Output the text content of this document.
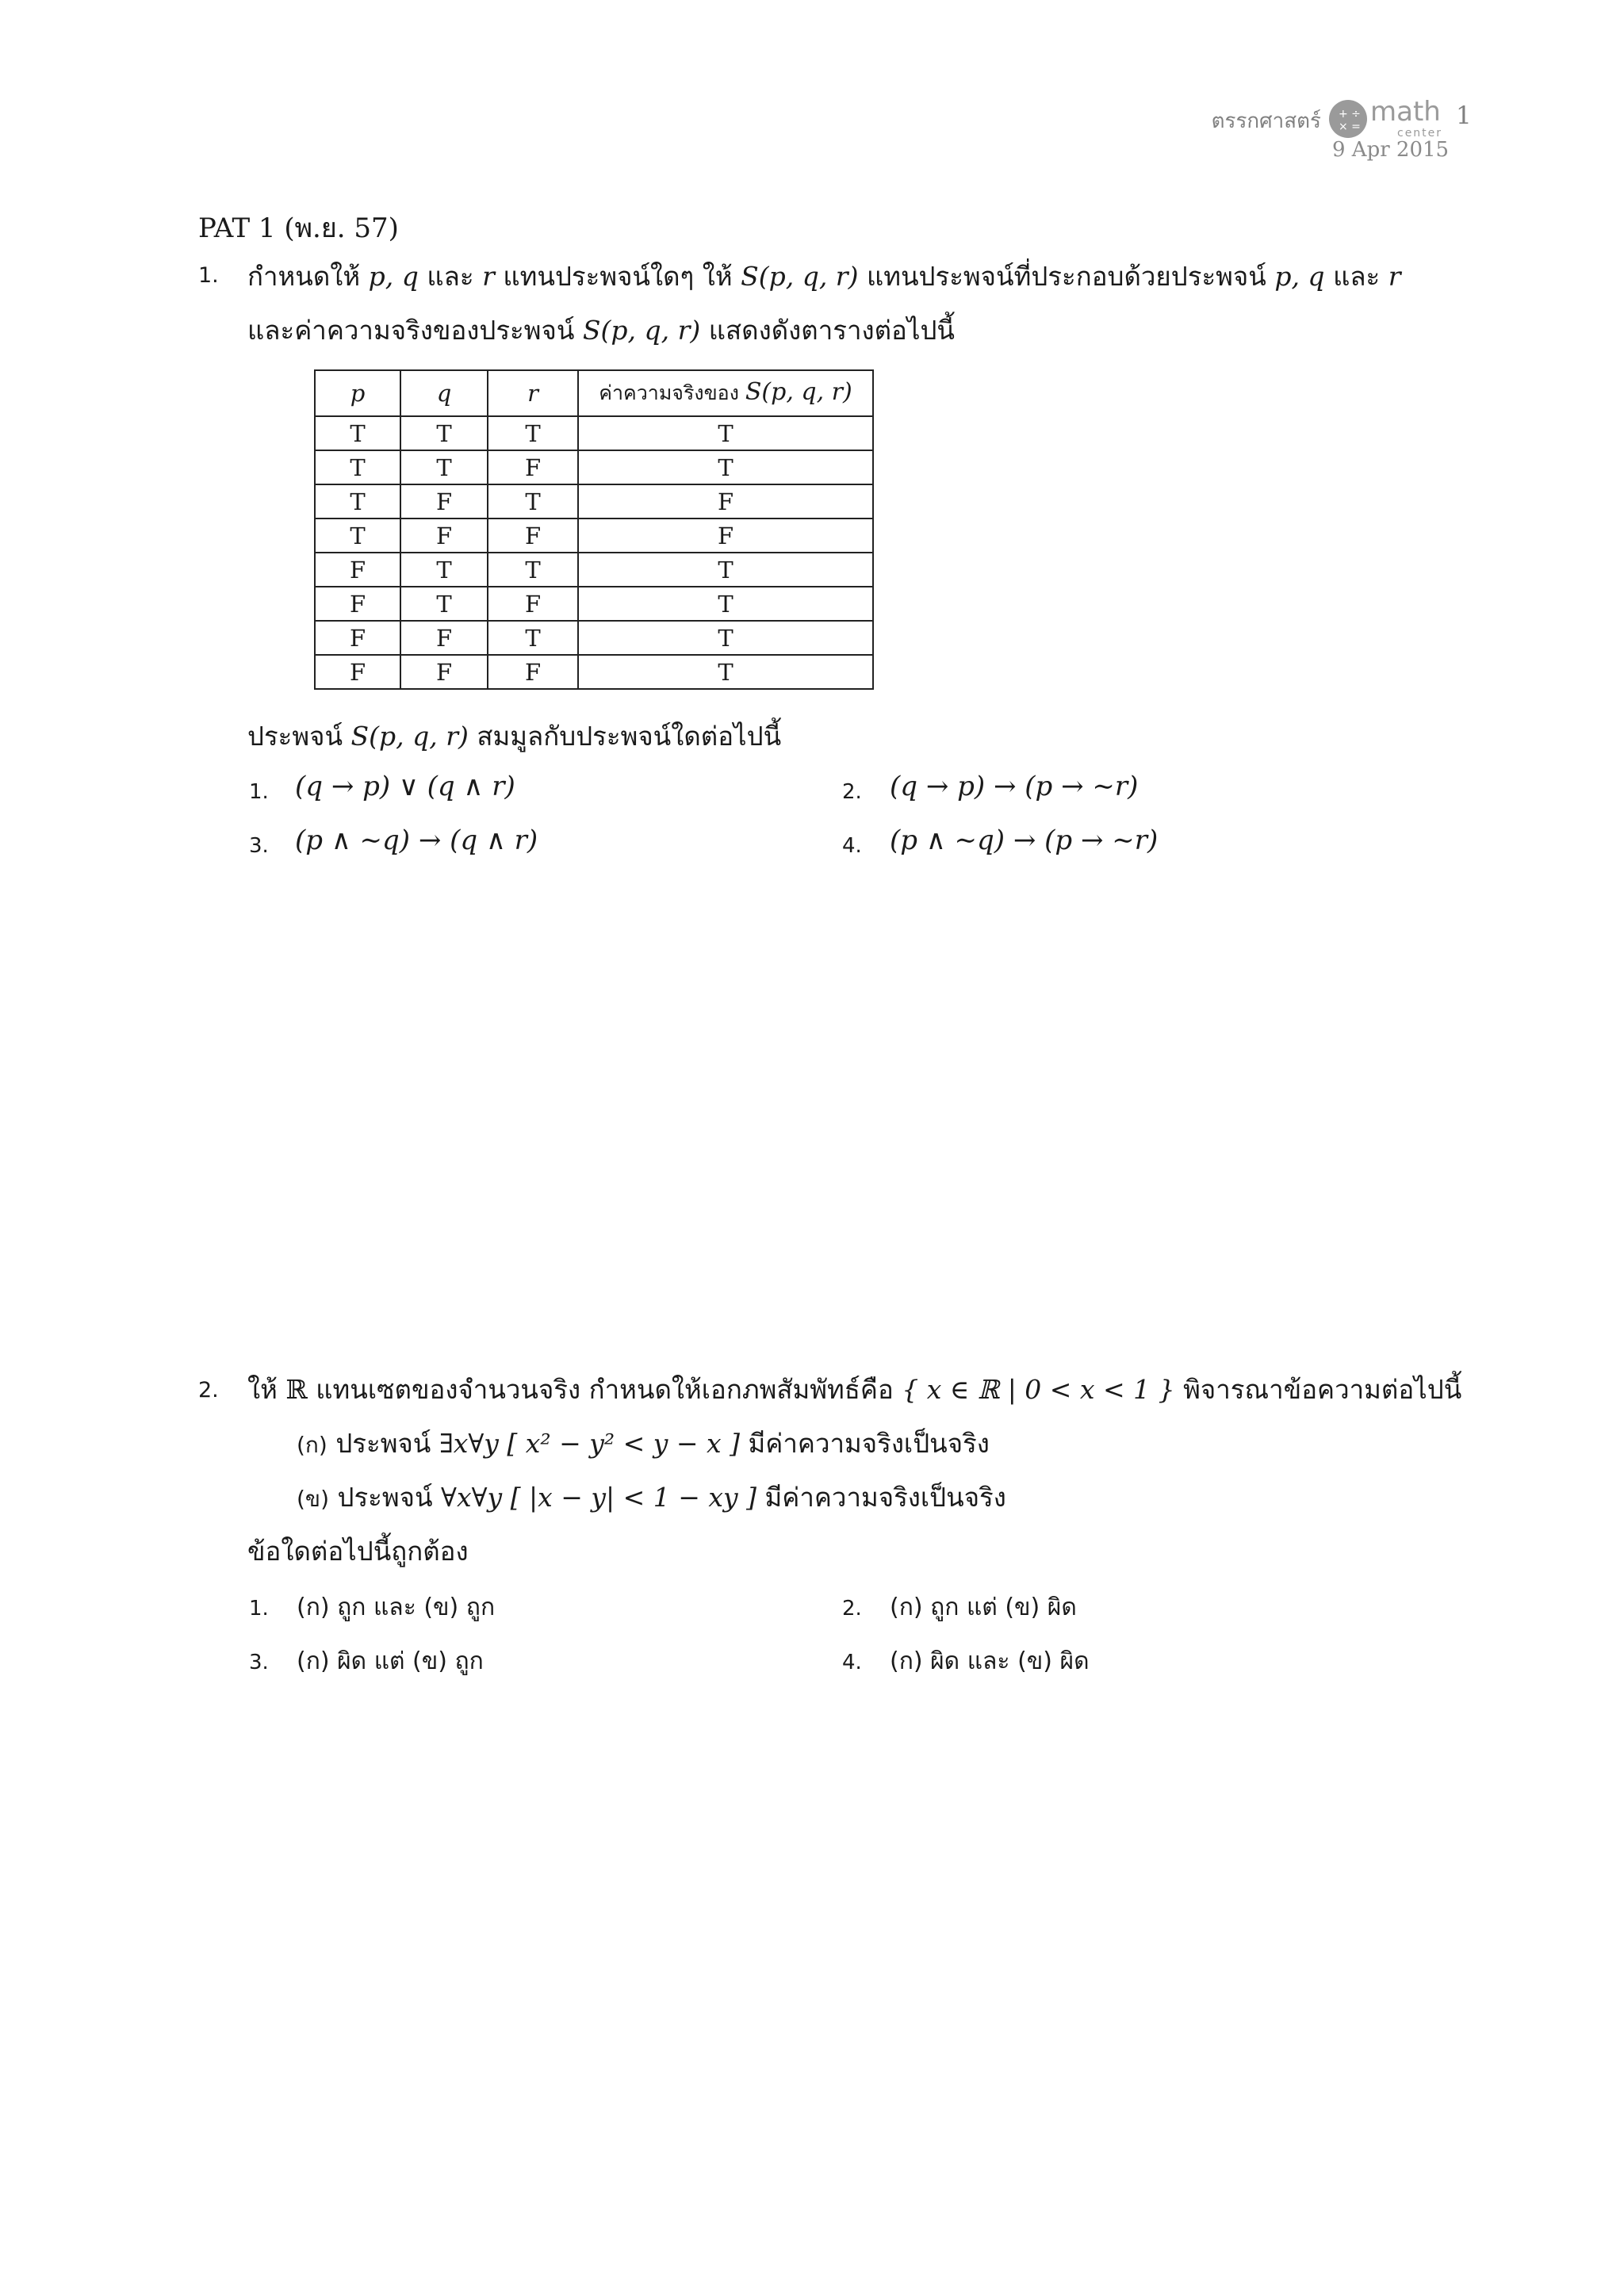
ตรรกศาสตร์ + ÷
× = math
center
1
9 Apr 2015
PAT 1 (พ.ย. 57)
1. กำหนดให้ p, q และ r แทนประพจน์ใดๆ ให้ S(p, q, r) แทนประพจน์ที่ประกอบด้วยประพจน์ p, q และ r
และค่าความจริงของประพจน์ S(p, q, r) แสดงดังตารางต่อไปนี้
p	q	r	ค่าความจริงของ S(p, q, r)
T	T	T	T
T	T	F	T
T	F	T	F
T	F	F	F
F	T	T	T
F	T	F	T
F	F	T	T
F	F	F	T
ประพจน์ S(p, q, r) สมมูลกับประพจน์ใดต่อไปนี้
1. (q → p) ∨ (q ∧ r)	2. (q → p) → (p → ∼r)
3. (p ∧ ∼q) → (q ∧ r)	4. (p ∧ ∼q) → (p → ∼r)
2. ให้ ℝ แทนเซตของจำนวนจริง กำหนดให้เอกภพสัมพัทธ์คือ { x ∈ ℝ | 0 < x < 1 } พิจารณาข้อความต่อไปนี้
(ก) ประพจน์ ∃x∀y [ x² − y² < y − x ] มีค่าความจริงเป็นจริง
(ข) ประพจน์ ∀x∀y [ |x − y| < 1 − xy ] มีค่าความจริงเป็นจริง
ข้อใดต่อไปนี้ถูกต้อง
1. (ก) ถูก และ (ข) ถูก	2. (ก) ถูก แต่ (ข) ผิด
3. (ก) ผิด แต่ (ข) ถูก	4. (ก) ผิด และ (ข) ผิด
